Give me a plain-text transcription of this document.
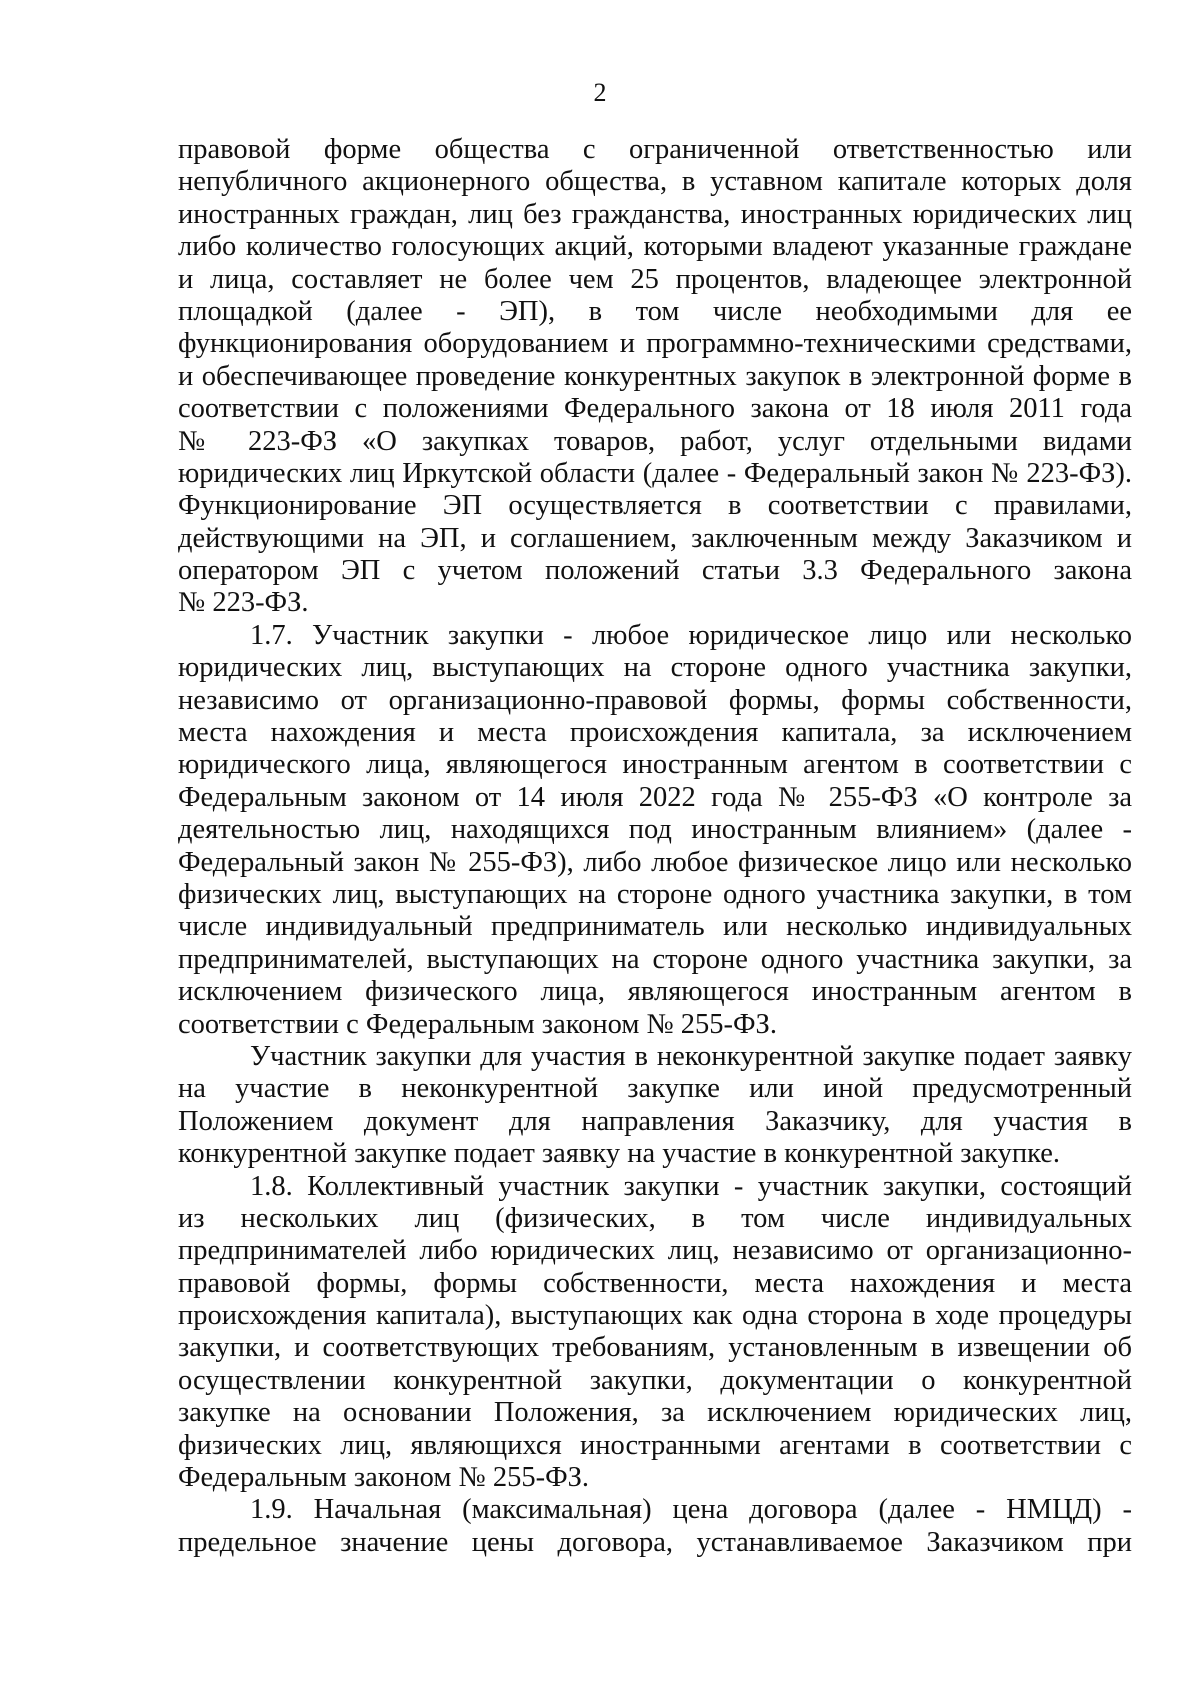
2
правовой форме общества с ограниченной ответственностью или
непубличного акционерного общества, в уставном капитале которых доля
иностранных граждан, лиц без гражданства, иностранных юридических лиц
либо количество голосующих акций, которыми владеют указанные граждане
и лица, составляет не более чем 25 процентов, владеющее электронной
площадкой (далее - ЭП), в том числе необходимыми для ее
функционирования оборудованием и программно-техническими средствами,
и обеспечивающее проведение конкурентных закупок в электронной форме в
соответствии с положениями Федерального закона от 18 июля 2011 года
№ 223-ФЗ «О закупках товаров, работ, услуг отдельными видами
юридических лиц Иркутской области (далее - Федеральный закон № 223-ФЗ).
Функционирование ЭП осуществляется в соответствии с правилами,
действующими на ЭП, и соглашением, заключенным между Заказчиком и
оператором ЭП с учетом положений статьи 3.3 Федерального закона
№ 223-ФЗ.
1.7. Участник закупки - любое юридическое лицо или несколько
юридических лиц, выступающих на стороне одного участника закупки,
независимо от организационно-правовой формы, формы собственности,
места нахождения и места происхождения капитала, за исключением
юридического лица, являющегося иностранным агентом в соответствии с
Федеральным законом от 14 июля 2022 года № 255-ФЗ «О контроле за
деятельностью лиц, находящихся под иностранным влиянием» (далее -
Федеральный закон № 255-ФЗ), либо любое физическое лицо или несколько
физических лиц, выступающих на стороне одного участника закупки, в том
числе индивидуальный предприниматель или несколько индивидуальных
предпринимателей, выступающих на стороне одного участника закупки, за
исключением физического лица, являющегося иностранным агентом в
соответствии с Федеральным законом № 255-ФЗ.
Участник закупки для участия в неконкурентной закупке подает заявку
на участие в неконкурентной закупке или иной предусмотренный
Положением документ для направления Заказчику, для участия в
конкурентной закупке подает заявку на участие в конкурентной закупке.
1.8. Коллективный участник закупки - участник закупки, состоящий
из нескольких лиц (физических, в том числе индивидуальных
предпринимателей либо юридических лиц, независимо от организационно-
правовой формы, формы собственности, места нахождения и места
происхождения капитала), выступающих как одна сторона в ходе процедуры
закупки, и соответствующих требованиям, установленным в извещении об
осуществлении конкурентной закупки, документации о конкурентной
закупке на основании Положения, за исключением юридических лиц,
физических лиц, являющихся иностранными агентами в соответствии с
Федеральным законом № 255-ФЗ.
1.9. Начальная (максимальная) цена договора (далее - НМЦД) -
предельное значение цены договора, устанавливаемое Заказчиком при
